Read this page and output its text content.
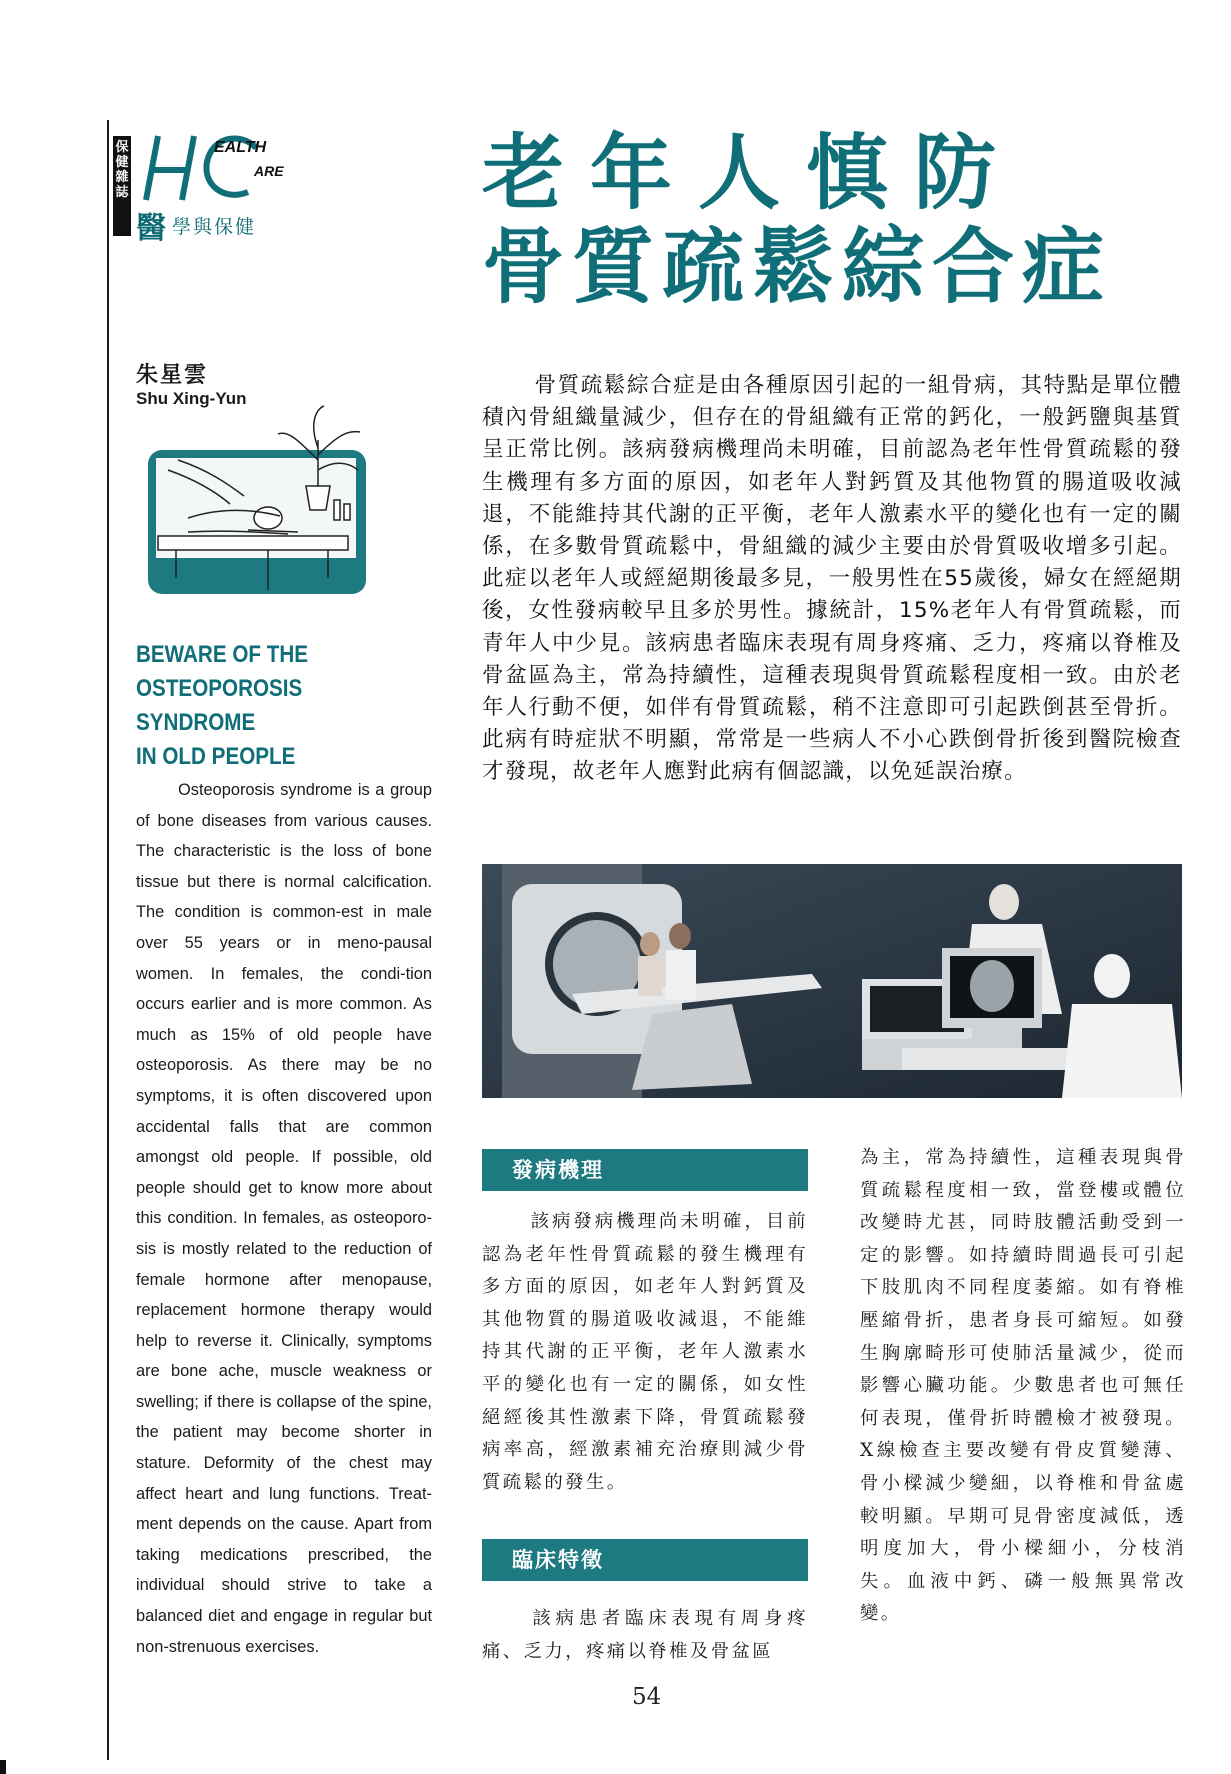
保
健
雜
誌
EALTH
ARE
醫 學與保健
老年人慎防
骨質疏鬆綜合症
朱星雲
Shu Xing-Yun
BEWARE OF THE
OSTEOPOROSIS SYNDROME
IN OLD PEOPLE
Osteoporosis syndrome is a group of bone diseases from various causes. The characteristic is the loss of bone tissue but there is normal calcification. The condition is common-est in male over 55 years or in meno-pausal women. In females, the condi-tion occurs earlier and is more common. As much as 15% of old people have osteoporosis. As there may be no symptoms, it is often discovered upon accidental falls that are common amongst old people. If possible, old people should get to know more about this condition. In females, as osteoporo-sis is mostly related to the reduction of female hormone after menopause, replacement hormone therapy would help to reverse it. Clinically, symptoms are bone ache, muscle weakness or swelling; if there is collapse of the spine, the patient may become shorter in stature. Deformity of the chest may affect heart and lung functions. Treat-ment depends on the cause. Apart from taking medications prescribed, the individual should strive to take a balanced diet and engage in regular but non-strenuous exercises.
骨質疏鬆綜合症是由各種原因引起的一組骨病，其特點是單位體積內骨組織量減少，但存在的骨組織有正常的鈣化，一般鈣鹽與基質呈正常比例。該病發病機理尚未明確，目前認為老年性骨質疏鬆的發生機理有多方面的原因，如老年人對鈣質及其他物質的腸道吸收減退，不能維持其代謝的正平衡，老年人激素水平的變化也有一定的關係，在多數骨質疏鬆中，骨組織的減少主要由於骨質吸收增多引起。此症以老年人或經絕期後最多見，一般男性在55歲後，婦女在經絕期後，女性發病較早且多於男性。據統計，15%老年人有骨質疏鬆，而青年人中少見。該病患者臨床表現有周身疼痛、乏力，疼痛以脊椎及骨盆區為主，常為持續性，這種表現與骨質疏鬆程度相一致。由於老年人行動不便，如伴有骨質疏鬆，稍不注意即可引起跌倒甚至骨折。此病有時症狀不明顯，常常是一些病人不小心跌倒骨折後到醫院檢查才發現，故老年人應對此病有個認識，以免延誤治療。
發病機理
該病發病機理尚未明確，目前認為老年性骨質疏鬆的發生機理有多方面的原因，如老年人對鈣質及其他物質的腸道吸收減退，不能維持其代謝的正平衡，老年人激素水平的變化也有一定的關係，如女性絕經後其性激素下降，骨質疏鬆發病率高，經激素補充治療則減少骨質疏鬆的發生。
臨床特徵
該病患者臨床表現有周身疼痛、乏力，疼痛以脊椎及骨盆區
為主，常為持續性，這種表現與骨質疏鬆程度相一致，當登樓或體位改變時尤甚，同時肢體活動受到一定的影響。如持續時間過長可引起下肢肌肉不同程度萎縮。如有脊椎壓縮骨折，患者身長可縮短。如發生胸廓畸形可使肺活量減少，從而影響心臟功能。少數患者也可無任何表現，僅骨折時體檢才被發現。X線檢查主要改變有骨皮質變薄、骨小樑減少變細，以脊椎和骨盆處較明顯。早期可見骨密度減低，透明度加大，骨小樑細小，分枝消失。血液中鈣、磷一般無異常改變。
54
